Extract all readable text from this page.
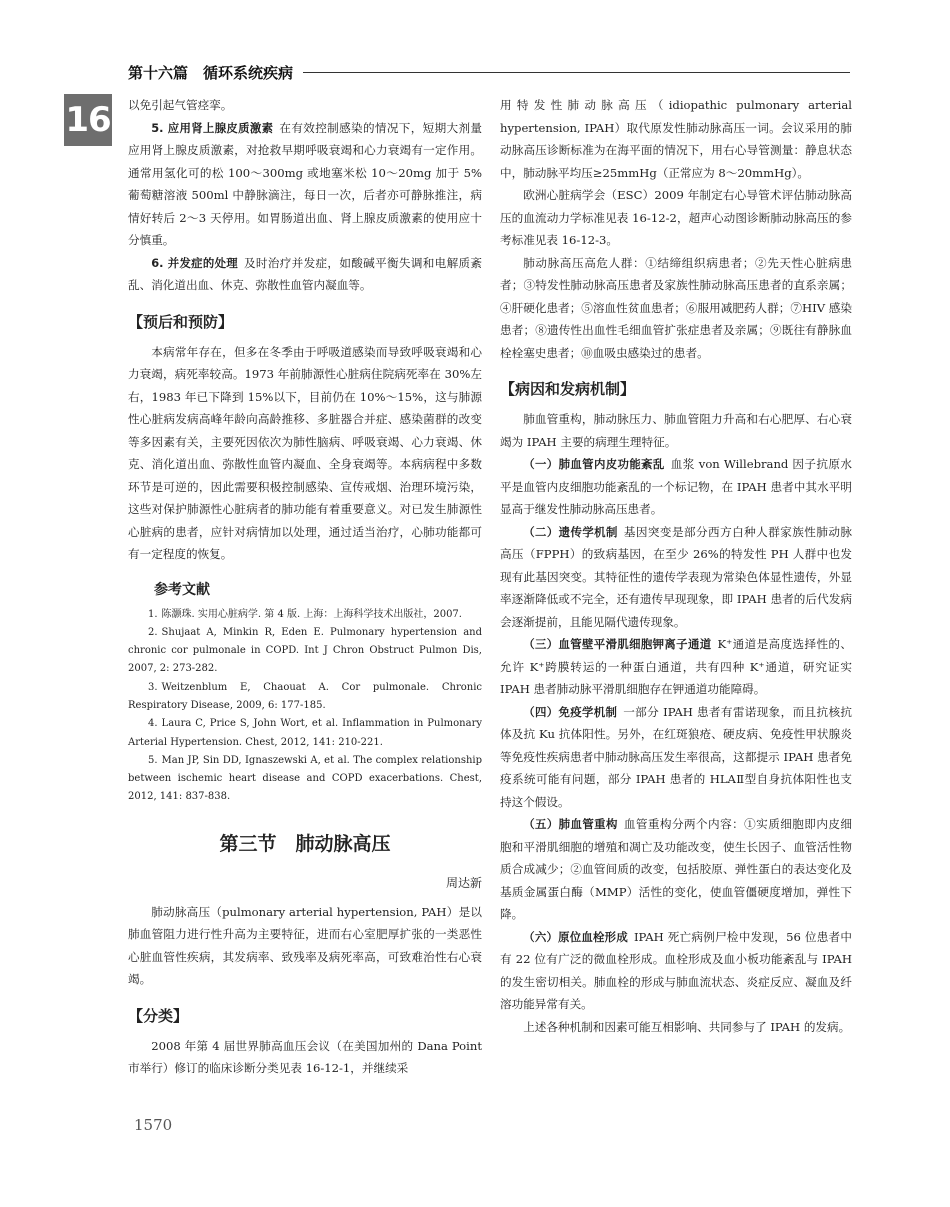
第十六篇　循环系统疾病
16 以免引起气管痉挛。

5. 应用肾上腺皮质激素 在有效控制感染的情况下，短期大剂量应用肾上腺皮质激素，对抢救早期呼吸衰竭和心力衰竭有一定作用。通常用氢化可的松 100～300mg 或地塞米松 10～20mg 加于 5%葡萄糖溶液 500ml 中静脉滴注，每日一次，后者亦可静脉推注，病情好转后 2～3 天停用。如胃肠道出血、肾上腺皮质激素的使用应十分慎重。

6. 并发症的处理 及时治疗并发症，如酸碱平衡失调和电解质紊乱、消化道出血、休克、弥散性血管内凝血等。

【预后和预防】

本病常年存在，但多在冬季由于呼吸道感染而导致呼吸衰竭和心力衰竭，病死率较高。1973 年前肺源性心脏病住院病死率在 30%左右，1983 年已下降到 15%以下，目前仍在 10%～15%，这与肺源性心脏病发病高峰年龄向高龄推移、多脏器合并症、感染菌群的改变等多因素有关，主要死因依次为肺性脑病、呼吸衰竭、心力衰竭、休克、消化道出血、弥散性血管内凝血、全身衰竭等。本病病程中多数环节是可逆的，因此需要积极控制感染、宣传戒烟、治理环境污染，这些对保护肺源性心脏病者的肺功能有着重要意义。对已发生肺源性心脏病的患者，应针对病情加以处理，通过适当治疗，心肺功能都可有一定程度的恢复。

参考文献
1. 陈灏珠. 实用心脏病学. 第 4 版. 上海：上海科学技术出版社，2007.
2. Shujaat A, Minkin R, Eden E. Pulmonary hypertension and chronic cor pulmonale in COPD. Int J Chron Obstruct Pulmon Dis, 2007, 2: 273-282.
3. Weitzenblum E, Chaouat A. Cor pulmonale. Chronic Respiratory Disease, 2009, 6: 177-185.
4. Laura C, Price S, John Wort, et al. Inflammation in Pulmonary Arterial Hypertension. Chest, 2012, 141: 210-221.
5. Man JP, Sin DD, Ignaszewski A, et al. The complex relationship between ischemic heart disease and COPD exacerbations. Chest, 2012, 141: 837-838.
第三节　肺动脉高压
周达新

肺动脉高压（pulmonary arterial hypertension, PAH）是以肺血管阻力进行性升高为主要特征，进而右心室肥厚扩张的一类恶性心脏血管性疾病，其发病率、致残率及病死率高，可致难治性右心衰竭。

【分类】

2008 年第 4 届世界肺高血压会议（在美国加州的 Dana Point 市举行）修订的临床诊断分类见表 16-12-1，并继续采

用特发性肺动脉高压（idiopathic pulmonary arterial hypertension, IPAH）取代原发性肺动脉高压一词。会议采用的肺动脉高压诊断标准为在海平面的情况下，用右心导管测量：静息状态中，肺动脉平均压≥25mmHg（正常应为 8～20mmHg）。

欧洲心脏病学会（ESC）2009 年制定右心导管术评估肺动脉高压的血流动力学标准见表 16-12-2，超声心动图诊断肺动脉高压的参考标准见表 16-12-3。

肺动脉高压高危人群：①结缔组织病患者；②先天性心脏病患者；③特发性肺动脉高压患者及家族性肺动脉高压患者的直系亲属；④肝硬化患者；⑤溶血性贫血患者；⑥服用减肥药人群；⑦HIV 感染患者；⑧遗传性出血性毛细血管扩张症患者及亲属；⑨既往有静脉血栓栓塞史患者；⑩血吸虫感染过的患者。

【病因和发病机制】

肺血管重构，肺动脉压力、肺血管阻力升高和右心肥厚、右心衰竭为 IPAH 主要的病理生理特征。

（一）肺血管内皮功能紊乱 血浆 von Willebrand 因子抗原水平是血管内皮细胞功能紊乱的一个标记物，在 IPAH 患者中其水平明显高于继发性肺动脉高压患者。

（二）遗传学机制 基因突变是部分西方白种人群家族性肺动脉高压（FPPH）的致病基因，在至少 26%的特发性 PH 人群中也发现有此基因突变。其特征性的遗传学表现为常染色体显性遗传，外显率逐渐降低或不完全，还有遗传早现现象，即 IPAH 患者的后代发病会逐渐提前，且能见隔代遗传现象。

（三）血管壁平滑肌细胞钾离子通道 K⁺通道是高度选择性的、允许 K⁺跨膜转运的一种蛋白通道，共有四种 K⁺通道，研究证实 IPAH 患者肺动脉平滑肌细胞存在钾通道功能障碍。

（四）免疫学机制 一部分 IPAH 患者有雷诺现象，而且抗核抗体及抗 Ku 抗体阳性。另外，在红斑狼疮、硬皮病、免疫性甲状腺炎等免疫性疾病患者中肺动脉高压发生率很高，这都提示 IPAH 患者免疫系统可能有问题，部分 IPAH 患者的 HLAⅡ型自身抗体阳性也支持这个假设。

（五）肺血管重构 血管重构分两个内容：①实质细胞即内皮细胞和平滑肌细胞的增殖和凋亡及功能改变，使生长因子、血管活性物质合成减少；②血管间质的改变，包括胶原、弹性蛋白的表达变化及基质金属蛋白酶（MMP）活性的变化，使血管僵硬度增加，弹性下降。

（六）原位血栓形成 IPAH 死亡病例尸检中发现，56 位患者中有 22 位有广泛的微血栓形成。血栓形成及血小板功能紊乱与 IPAH 的发生密切相关。肺血栓的形成与肺血流状态、炎症反应、凝血及纤溶功能异常有关。

上述各种机制和因素可能互相影响、共同参与了 IPAH 的发病。

1570
